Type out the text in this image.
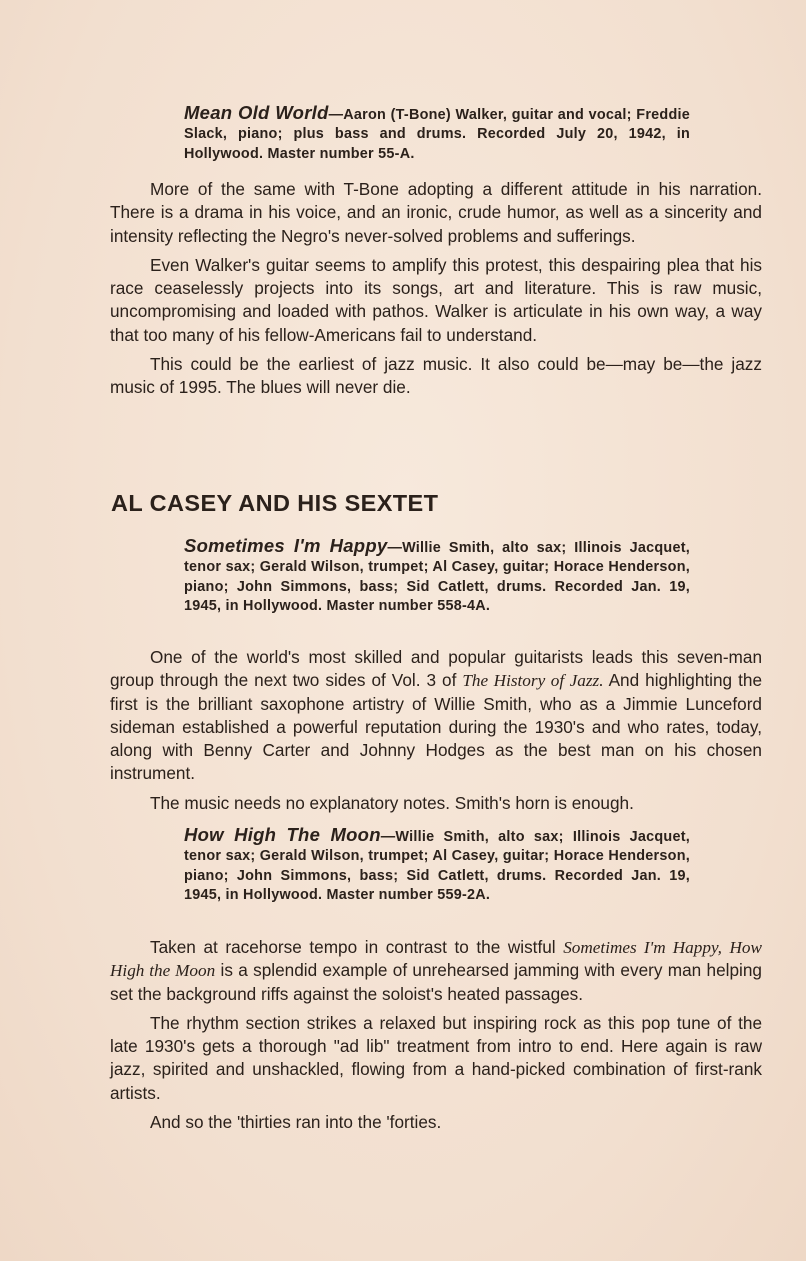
Mean Old World—Aaron (T-Bone) Walker, guitar and vocal; Freddie Slack, piano; plus bass and drums. Recorded July 20, 1942, in Hollywood. Master number 55-A.

More of the same with T-Bone adopting a different attitude in his narration. There is a drama in his voice, and an ironic, crude humor, as well as a sincerity and intensity reflecting the Negro's never-solved problems and sufferings.

Even Walker's guitar seems to amplify this protest, this despairing plea that his race ceaselessly projects into its songs, art and literature. This is raw music, uncompromising and loaded with pathos. Walker is articulate in his own way, a way that too many of his fellow-Americans fail to understand.

This could be the earliest of jazz music. It also could be—may be—the jazz music of 1995. The blues will never die.

AL CASEY AND HIS SEXTET
Sometimes I'm Happy—Willie Smith, alto sax; Illinois Jacquet, tenor sax; Gerald Wilson, trumpet; Al Casey, guitar; Horace Henderson, piano; John Simmons, bass; Sid Catlett, drums. Recorded Jan. 19, 1945, in Hollywood. Master number 558-4A.

One of the world's most skilled and popular guitarists leads this seven-man group through the next two sides of Vol. 3 of The History of Jazz. And highlighting the first is the brilliant saxophone artistry of Willie Smith, who as a Jimmie Lunceford sideman established a powerful reputation during the 1930's and who rates, today, along with Benny Carter and Johnny Hodges as the best man on his chosen instrument.

The music needs no explanatory notes. Smith's horn is enough.

How High The Moon—Willie Smith, alto sax; Illinois Jacquet, tenor sax; Gerald Wilson, trumpet; Al Casey, guitar; Horace Henderson, piano; John Simmons, bass; Sid Catlett, drums. Recorded Jan. 19, 1945, in Hollywood. Master number 559-2A.

Taken at racehorse tempo in contrast to the wistful Sometimes I'm Happy, How High the Moon is a splendid example of unrehearsed jamming with every man helping set the background riffs against the soloist's heated passages.

The rhythm section strikes a relaxed but inspiring rock as this pop tune of the late 1930's gets a thorough "ad lib" treatment from intro to end. Here again is raw jazz, spirited and unshackled, flowing from a hand-picked combination of first-rank artists.

And so the 'thirties ran into the 'forties.
